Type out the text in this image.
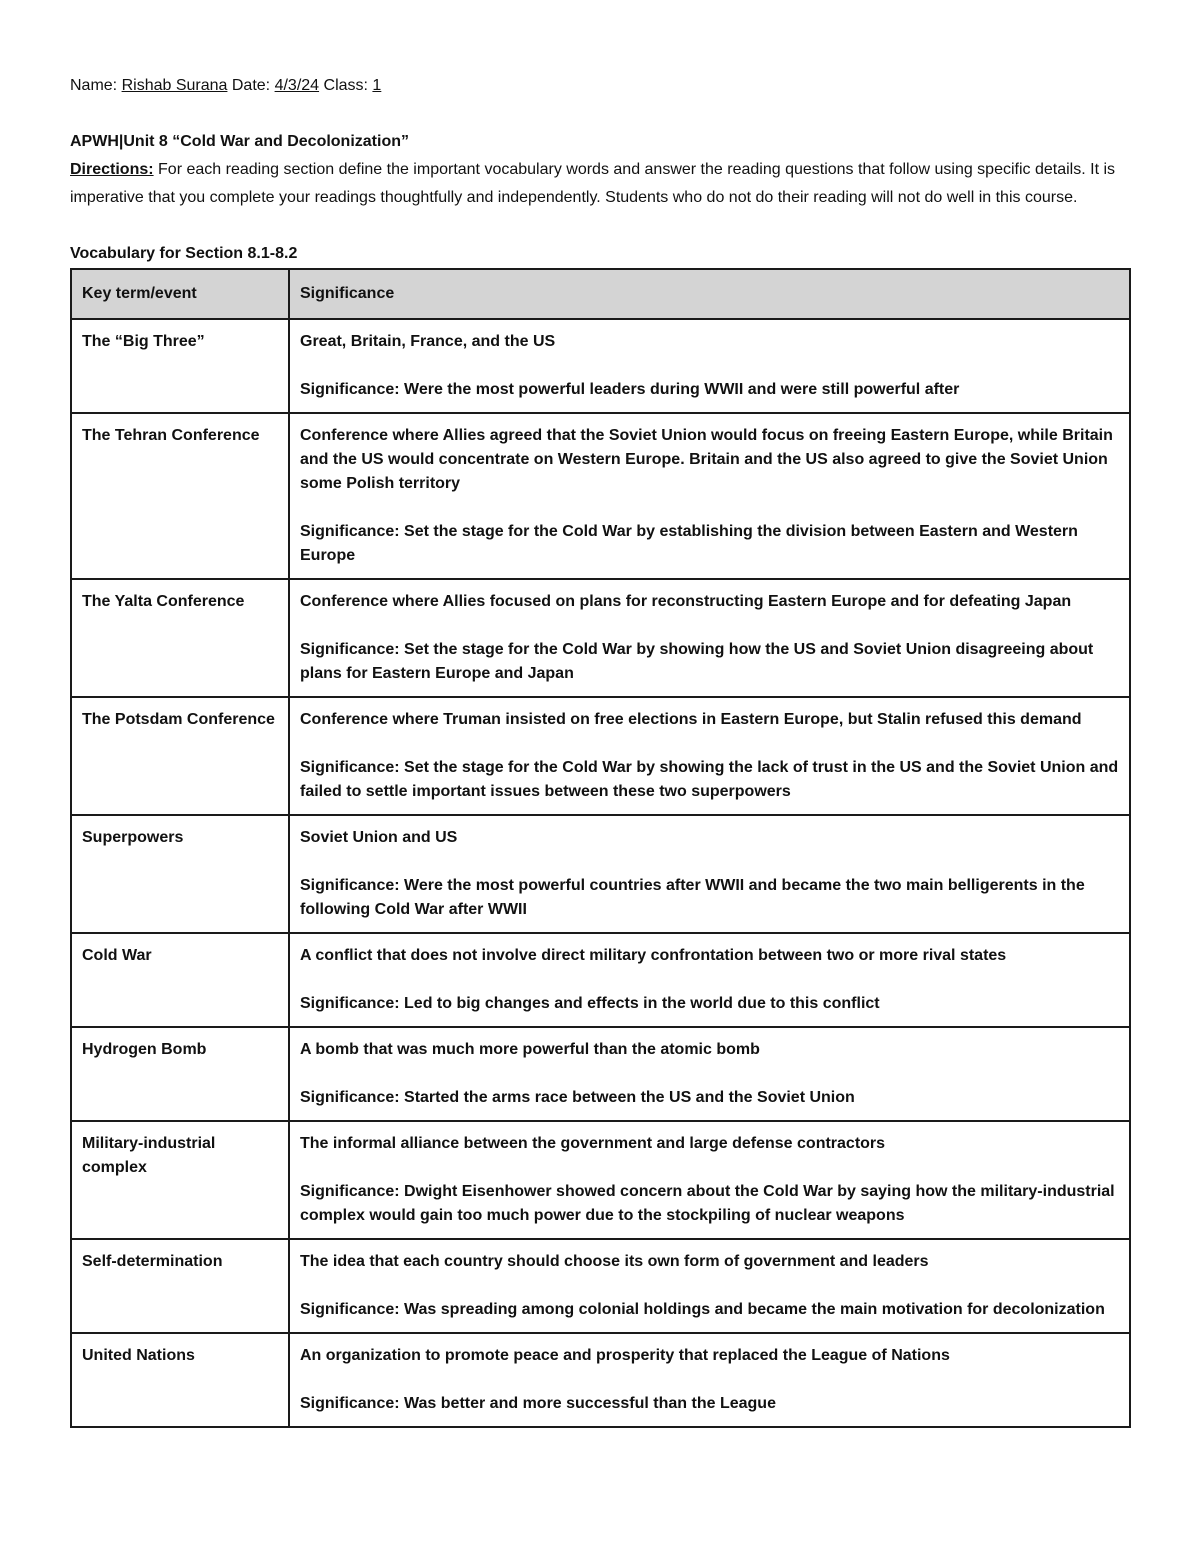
Name: Rishab Surana Date: 4/3/24 Class: 1
APWH|Unit 8 “Cold War and Decolonization”

Directions: For each reading section define the important vocabulary words and answer the reading questions that follow using specific details. It is imperative that you complete your readings thoughtfully and independently. Students who do not do their reading will not do well in this course.

Vocabulary for Section 8.1-8.2
Key term/event	Significance
The “Big Three”	Great, Britain, France, and the US
Significance: Were the most powerful leaders during WWII and were still powerful after

The Tehran Conference	Conference where Allies agreed that the Soviet Union would focus on freeing Eastern Europe, while Britain and the US would concentrate on Western Europe. Britain and the US also agreed to give the Soviet Union some Polish territory
Significance: Set the stage for the Cold War by establishing the division between Eastern and Western Europe

The Yalta Conference	Conference where Allies focused on plans for reconstructing Eastern Europe and for defeating Japan
Significance: Set the stage for the Cold War by showing how the US and Soviet Union disagreeing about plans for Eastern Europe and Japan

The Potsdam Conference	Conference where Truman insisted on free elections in Eastern Europe, but Stalin refused this demand
Significance: Set the stage for the Cold War by showing the lack of trust in the US and the Soviet Union and failed to settle important issues between these two superpowers

Superpowers	Soviet Union and US
Significance: Were the most powerful countries after WWII and became the two main belligerents in the following Cold War after WWII

Cold War	A conflict that does not involve direct military confrontation between two or more rival states
Significance: Led to big changes and effects in the world due to this conflict

Hydrogen Bomb	A bomb that was much more powerful than the atomic bomb
Significance: Started the arms race between the US and the Soviet Union

Military-industrial complex	The informal alliance between the government and large defense contractors
Significance: Dwight Eisenhower showed concern about the Cold War by saying how the military-industrial complex would gain too much power due to the stockpiling of nuclear weapons

Self-determination	The idea that each country should choose its own form of government and leaders
Significance: Was spreading among colonial holdings and became the main motivation for decolonization

United Nations	An organization to promote peace and prosperity that replaced the League of Nations
Significance: Was better and more successful than the League
